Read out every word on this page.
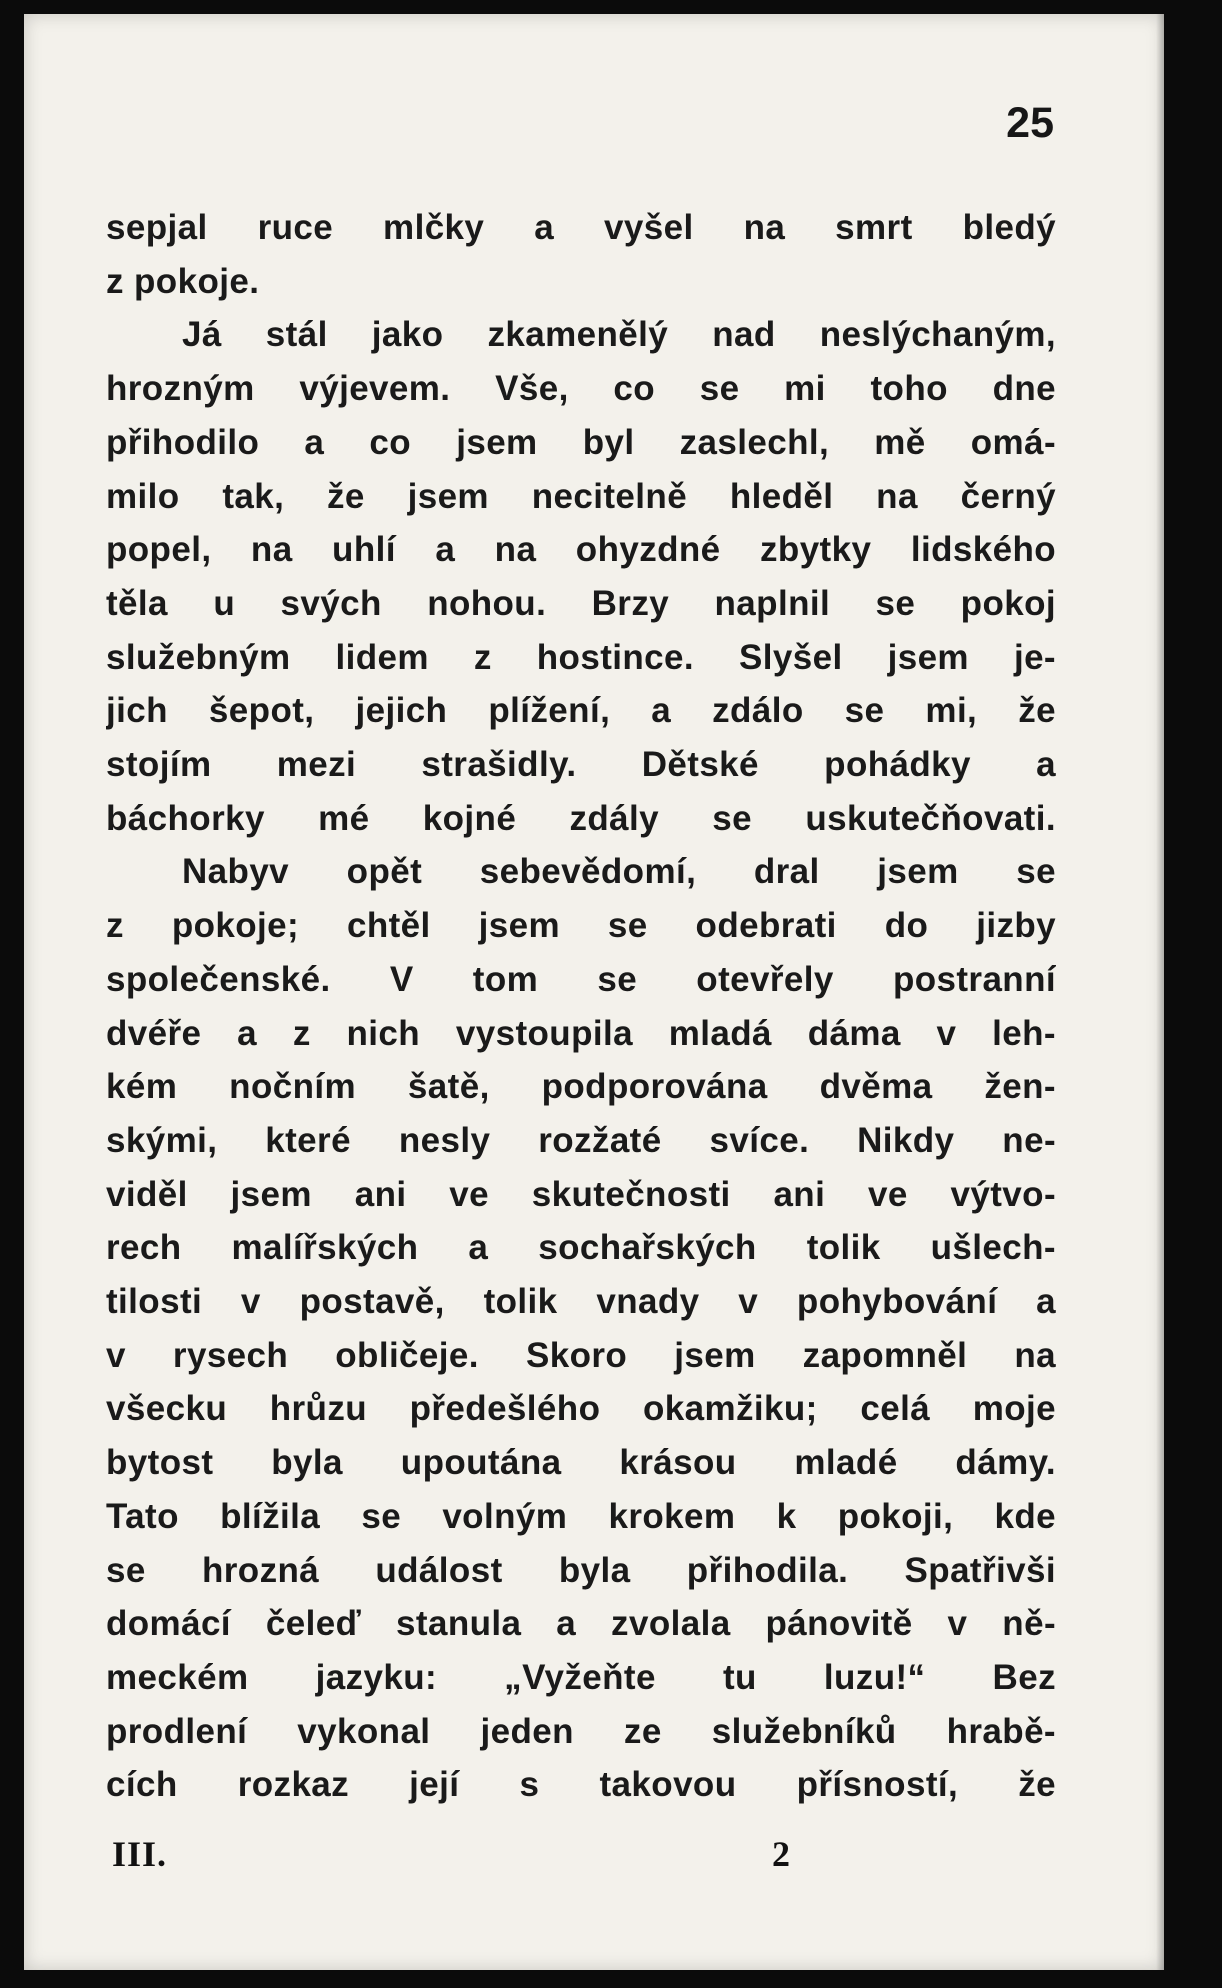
25
sepjal ruce mlčky a vyšel na smrt bledý
z pokoje.
Já stál jako zkamenělý nad neslýchaným,
hrozným výjevem. Vše, co se mi toho dne
přihodilo a co jsem byl zaslechl, mě omá-
milo tak, že jsem necitelně hleděl na černý
popel, na uhlí a na ohyzdné zbytky lidského
těla u svých nohou. Brzy naplnil se pokoj
služebným lidem z hostince. Slyšel jsem je-
jich šepot, jejich plížení, a zdálo se mi, že
stojím mezi strašidly. Dětské pohádky a
báchorky mé kojné zdály se uskutečňovati.
Nabyv opět sebevědomí, dral jsem se
z pokoje; chtěl jsem se odebrati do jizby
společenské. V tom se otevřely postranní
dvéře a z nich vystoupila mladá dáma v leh-
kém nočním šatě, podporována dvěma žen-
skými, které nesly rozžaté svíce. Nikdy ne-
viděl jsem ani ve skutečnosti ani ve výtvo-
rech malířských a sochařských tolik ušlech-
tilosti v postavě, tolik vnady v pohybování a
v rysech obličeje. Skoro jsem zapomněl na
všecku hrůzu předešlého okamžiku; celá moje
bytost byla upoutána krásou mladé dámy.
Tato blížila se volným krokem k pokoji, kde
se hrozná událost byla přihodila. Spatřivši
domácí čeleď stanula a zvolala pánovitě v ně-
meckém jazyku: „Vyžeňte tu luzu!“ Bez
prodlení vykonal jeden ze služebníků hrabě-
cích rozkaz její s takovou přísností, že
III.	2
